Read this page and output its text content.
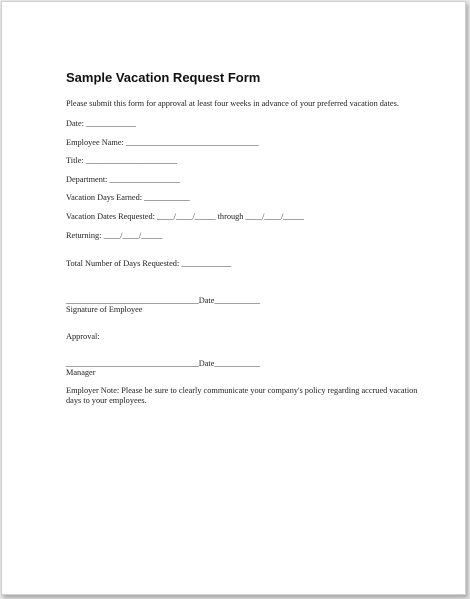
Sample Vacation Request Form
Please submit this form for approval at least four weeks in advance of your preferred vacation dates.
Date: ____________
Employee Name: ________________________________
Title: ______________________
Department: _________________
Vacation Days Earned: ___________
Vacation Dates Requested: ____/____/_____ through ____/____/_____
Returning: ____/____/_____
Total Number of Days Requested: ____________
________________________________Date___________
Signature of Employee
Approval:
________________________________Date___________
Manager
Employer Note: Please be sure to clearly communicate your company's policy regarding accrued vacation
days to your employees.
